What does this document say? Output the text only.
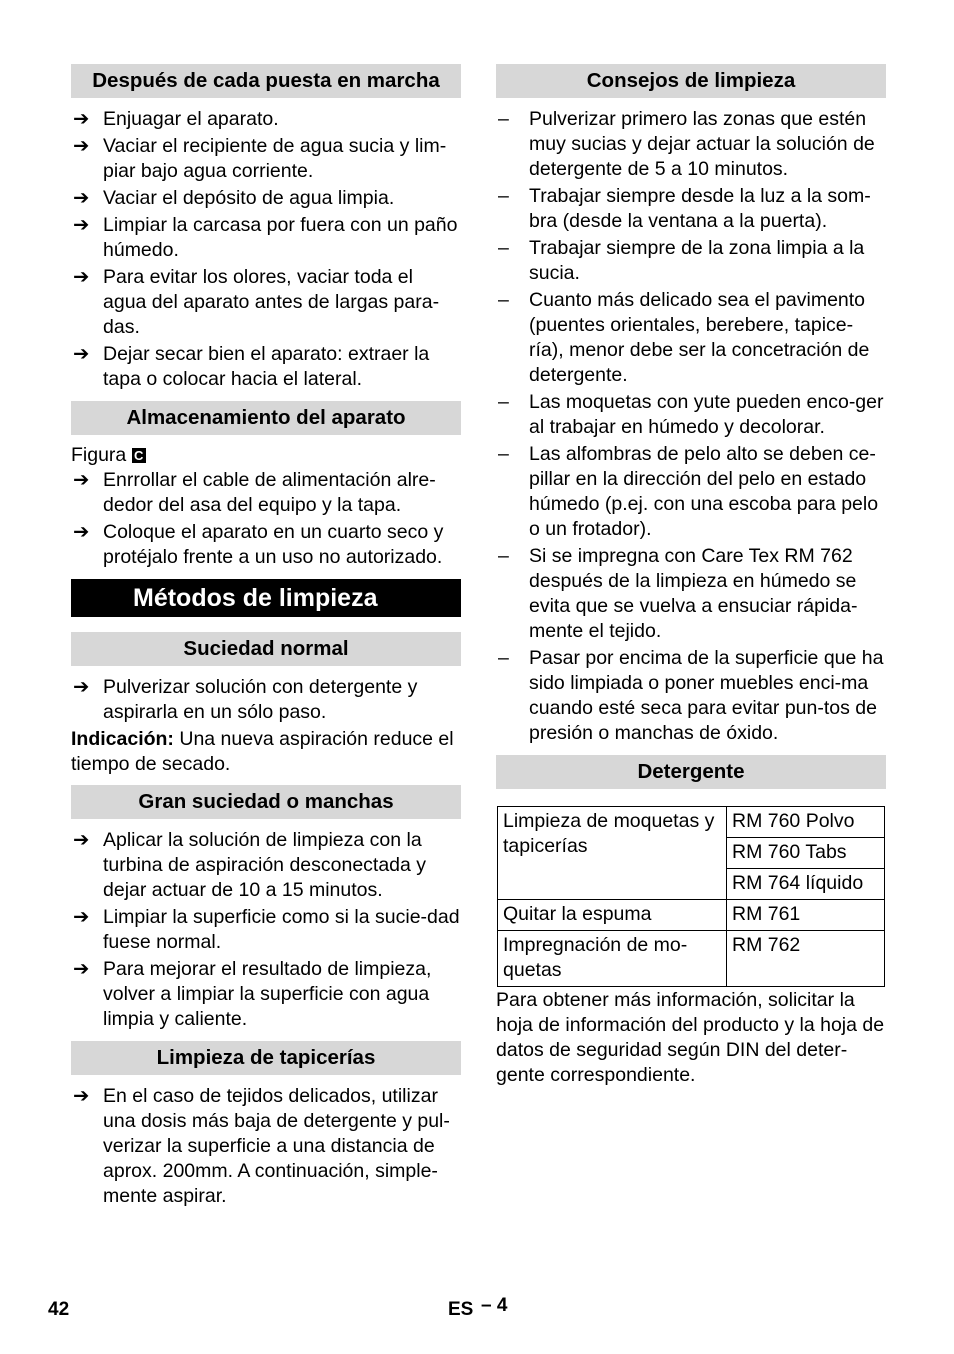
Después de cada puesta en marcha
➔ Enjuagar el aparato.
➔ Vaciar el recipiente de agua sucia y lim-piar bajo agua corriente.
➔ Vaciar el depósito de agua limpia.
➔ Limpiar la carcasa por fuera con un paño húmedo.
➔ Para evitar los olores, vaciar toda el agua del aparato antes de largas para-das.
➔ Dejar secar bien el aparato: extraer la tapa o colocar hacia el lateral.
Almacenamiento del aparato
Figura C
➔ Enrrollar el cable de alimentación alre-dedor del asa del equipo y la tapa.
➔ Coloque el aparato en un cuarto seco y protéjalo frente a un uso no autorizado.
Métodos de limpieza
Suciedad normal
➔ Pulverizar solución con detergente y aspirarla en un sólo paso.
Indicación: Una nueva aspiración reduce el tiempo de secado.
Gran suciedad o manchas
➔ Aplicar la solución de limpieza con la turbina de aspiración desconectada y dejar actuar de 10 a 15 minutos.
➔ Limpiar la superficie como si la sucie-dad fuese normal.
➔ Para mejorar el resultado de limpieza, volver a limpiar la superficie con agua limpia y caliente.
Limpieza de tapicerías
➔ En el caso de tejidos delicados, utilizar una dosis más baja de detergente y pul-verizar la superficie a una distancia de aprox. 200mm. A continuación, simple-mente aspirar.
Consejos de limpieza
– Pulverizar primero las zonas que estén muy sucias y dejar actuar la solución de detergente de 5 a 10 minutos.
– Trabajar siempre desde la luz a la som-bra (desde la ventana a la puerta).
– Trabajar siempre de la zona limpia a la sucia.
– Cuanto más delicado sea el pavimento (puentes orientales, berebere, tapice-ría), menor debe ser la concetración de detergente.
– Las moquetas con yute pueden enco-ger al trabajar en húmedo y decolorar.
– Las alfombras de pelo alto se deben ce-pillar en la dirección del pelo en estado húmedo (p.ej. con una escoba para pelo o un frotador).
– Si se impregna con Care Tex RM 762 después de la limpieza en húmedo se evita que se vuelva a ensuciar rápida-mente el tejido.
– Pasar por encima de la superficie que ha sido limpiada o poner muebles enci-ma cuando esté seca para evitar pun-tos de presión o manchas de óxido.
Detergente
Limpieza de moquetas y tapicerías	RM 760 Polvo
	RM 760 Tabs
	RM 764 líquido
Quitar la espuma	RM 761
Impregnación de mo-quetas	RM 762
Para obtener más información, solicitar la hoja de información del producto y la hoja de datos de seguridad según DIN del deter-gente correspondiente.
42	ES – 4
